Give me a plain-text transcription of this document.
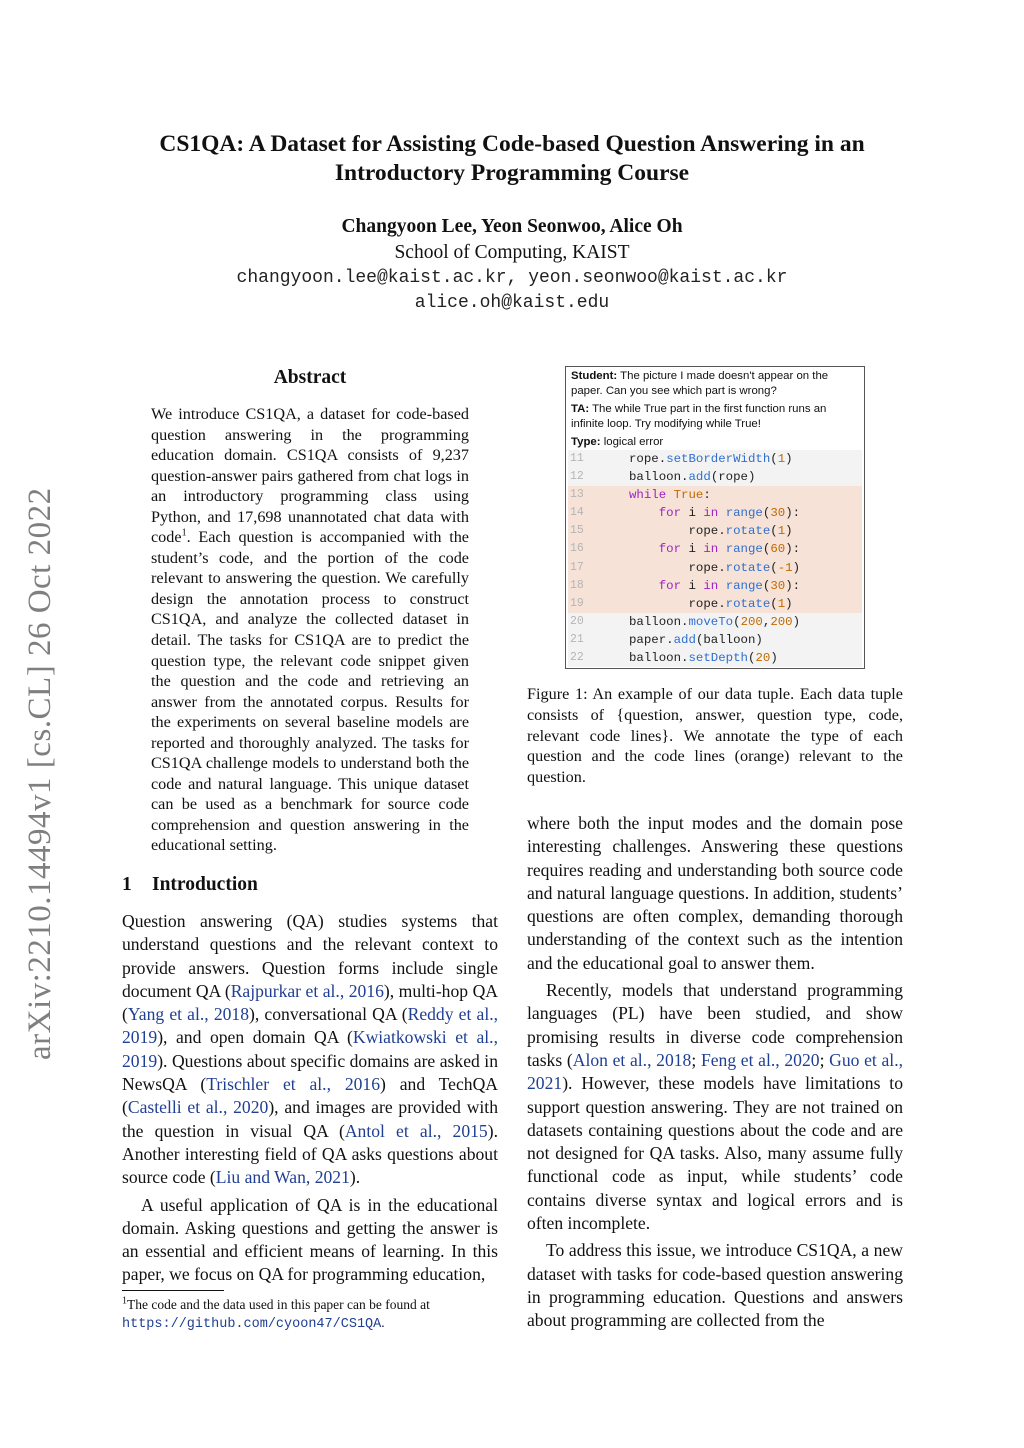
arXiv:2210.14494v1 [cs.CL] 26 Oct 2022
CS1QA: A Dataset for Assisting Code-based Question Answering in an
Introductory Programming Course
Changyoon Lee, Yeon Seonwoo, Alice Oh
School of Computing, KAIST
changyoon.lee@kaist.ac.kr, yeon.seonwoo@kaist.ac.kr
alice.oh@kaist.edu
Abstract
We introduce CS1QA, a dataset for code-based question answering in the programming education domain. CS1QA consists of 9,237 question-answer pairs gathered from chat logs in an introductory programming class using Python, and 17,698 unannotated chat data with code$^1$. Each question is accompanied with the student’s code, and the portion of the code relevant to answering the question. We carefully design the annotation process to construct CS1QA, and analyze the collected dataset in detail. The tasks for CS1QA are to predict the question type, the relevant code snippet given the question and the code and retrieving an answer from the annotated corpus. Results for the experiments on several baseline models are reported and thoroughly analyzed. The tasks for CS1QA challenge models to understand both the code and natural language. This unique dataset can be used as a benchmark for source code comprehension and question answering in the educational setting.
1 Introduction

Question answering (QA) studies systems that understand questions and the relevant context to provide answers. Question forms include single document QA (Rajpurkar et al., 2016), multi-hop QA (Yang et al., 2018), conversational QA (Reddy et al., 2019), and open domain QA (Kwiatkowski et al., 2019). Questions about specific domains are asked in NewsQA (Trischler et al., 2016) and TechQA (Castelli et al., 2020), and images are provided with the question in visual QA (Antol et al., 2015). Another interesting field of QA asks questions about source code (Liu and Wan, 2021).

A useful application of QA is in the educational domain. Asking questions and getting the answer is an essential and efficient means of learning. In this paper, we focus on QA for programming education,

$^1$The code and the data used in this paper can be found at
https://github.com/cyoon47/CS1QA.
Student: The picture I made doesn't appear on the paper. Can you see which part is wrong?
TA: The while True part in the first function runs an infinite loop. Try modifying while True!
Type: logical error
11	rope.setBorderWidth(1)
12	balloon.add(rope)
13	while True:
14	for i in range(30):
15	rope.rotate(1)
16	for i in range(60):
17	rope.rotate(-1)
18	for i in range(30):
19	rope.rotate(1)
20	balloon.moveTo(200,200)
21	paper.add(balloon)
22	balloon.setDepth(20)
Figure 1: An example of our data tuple. Each data tuple consists of {question, answer, question type, code, relevant code lines}. We annotate the type of each question and the code lines (orange) relevant to the question.

where both the input modes and the domain pose interesting challenges. Answering these questions requires reading and understanding both source code and natural language questions. In addition, students’ questions are often complex, demanding thorough understanding of the context such as the intention and the educational goal to answer them.

Recently, models that understand programming languages (PL) have been studied, and show promising results in diverse code comprehension tasks (Alon et al., 2018; Feng et al., 2020; Guo et al., 2021). However, these models have limitations to support question answering. They are not trained on datasets containing questions about the code and are not designed for QA tasks. Also, many assume fully functional code as input, while students’ code contains diverse syntax and logical errors and is often incomplete.

To address this issue, we introduce CS1QA, a new dataset with tasks for code-based question answering in programming education. Questions and answers about programming are collected from the
